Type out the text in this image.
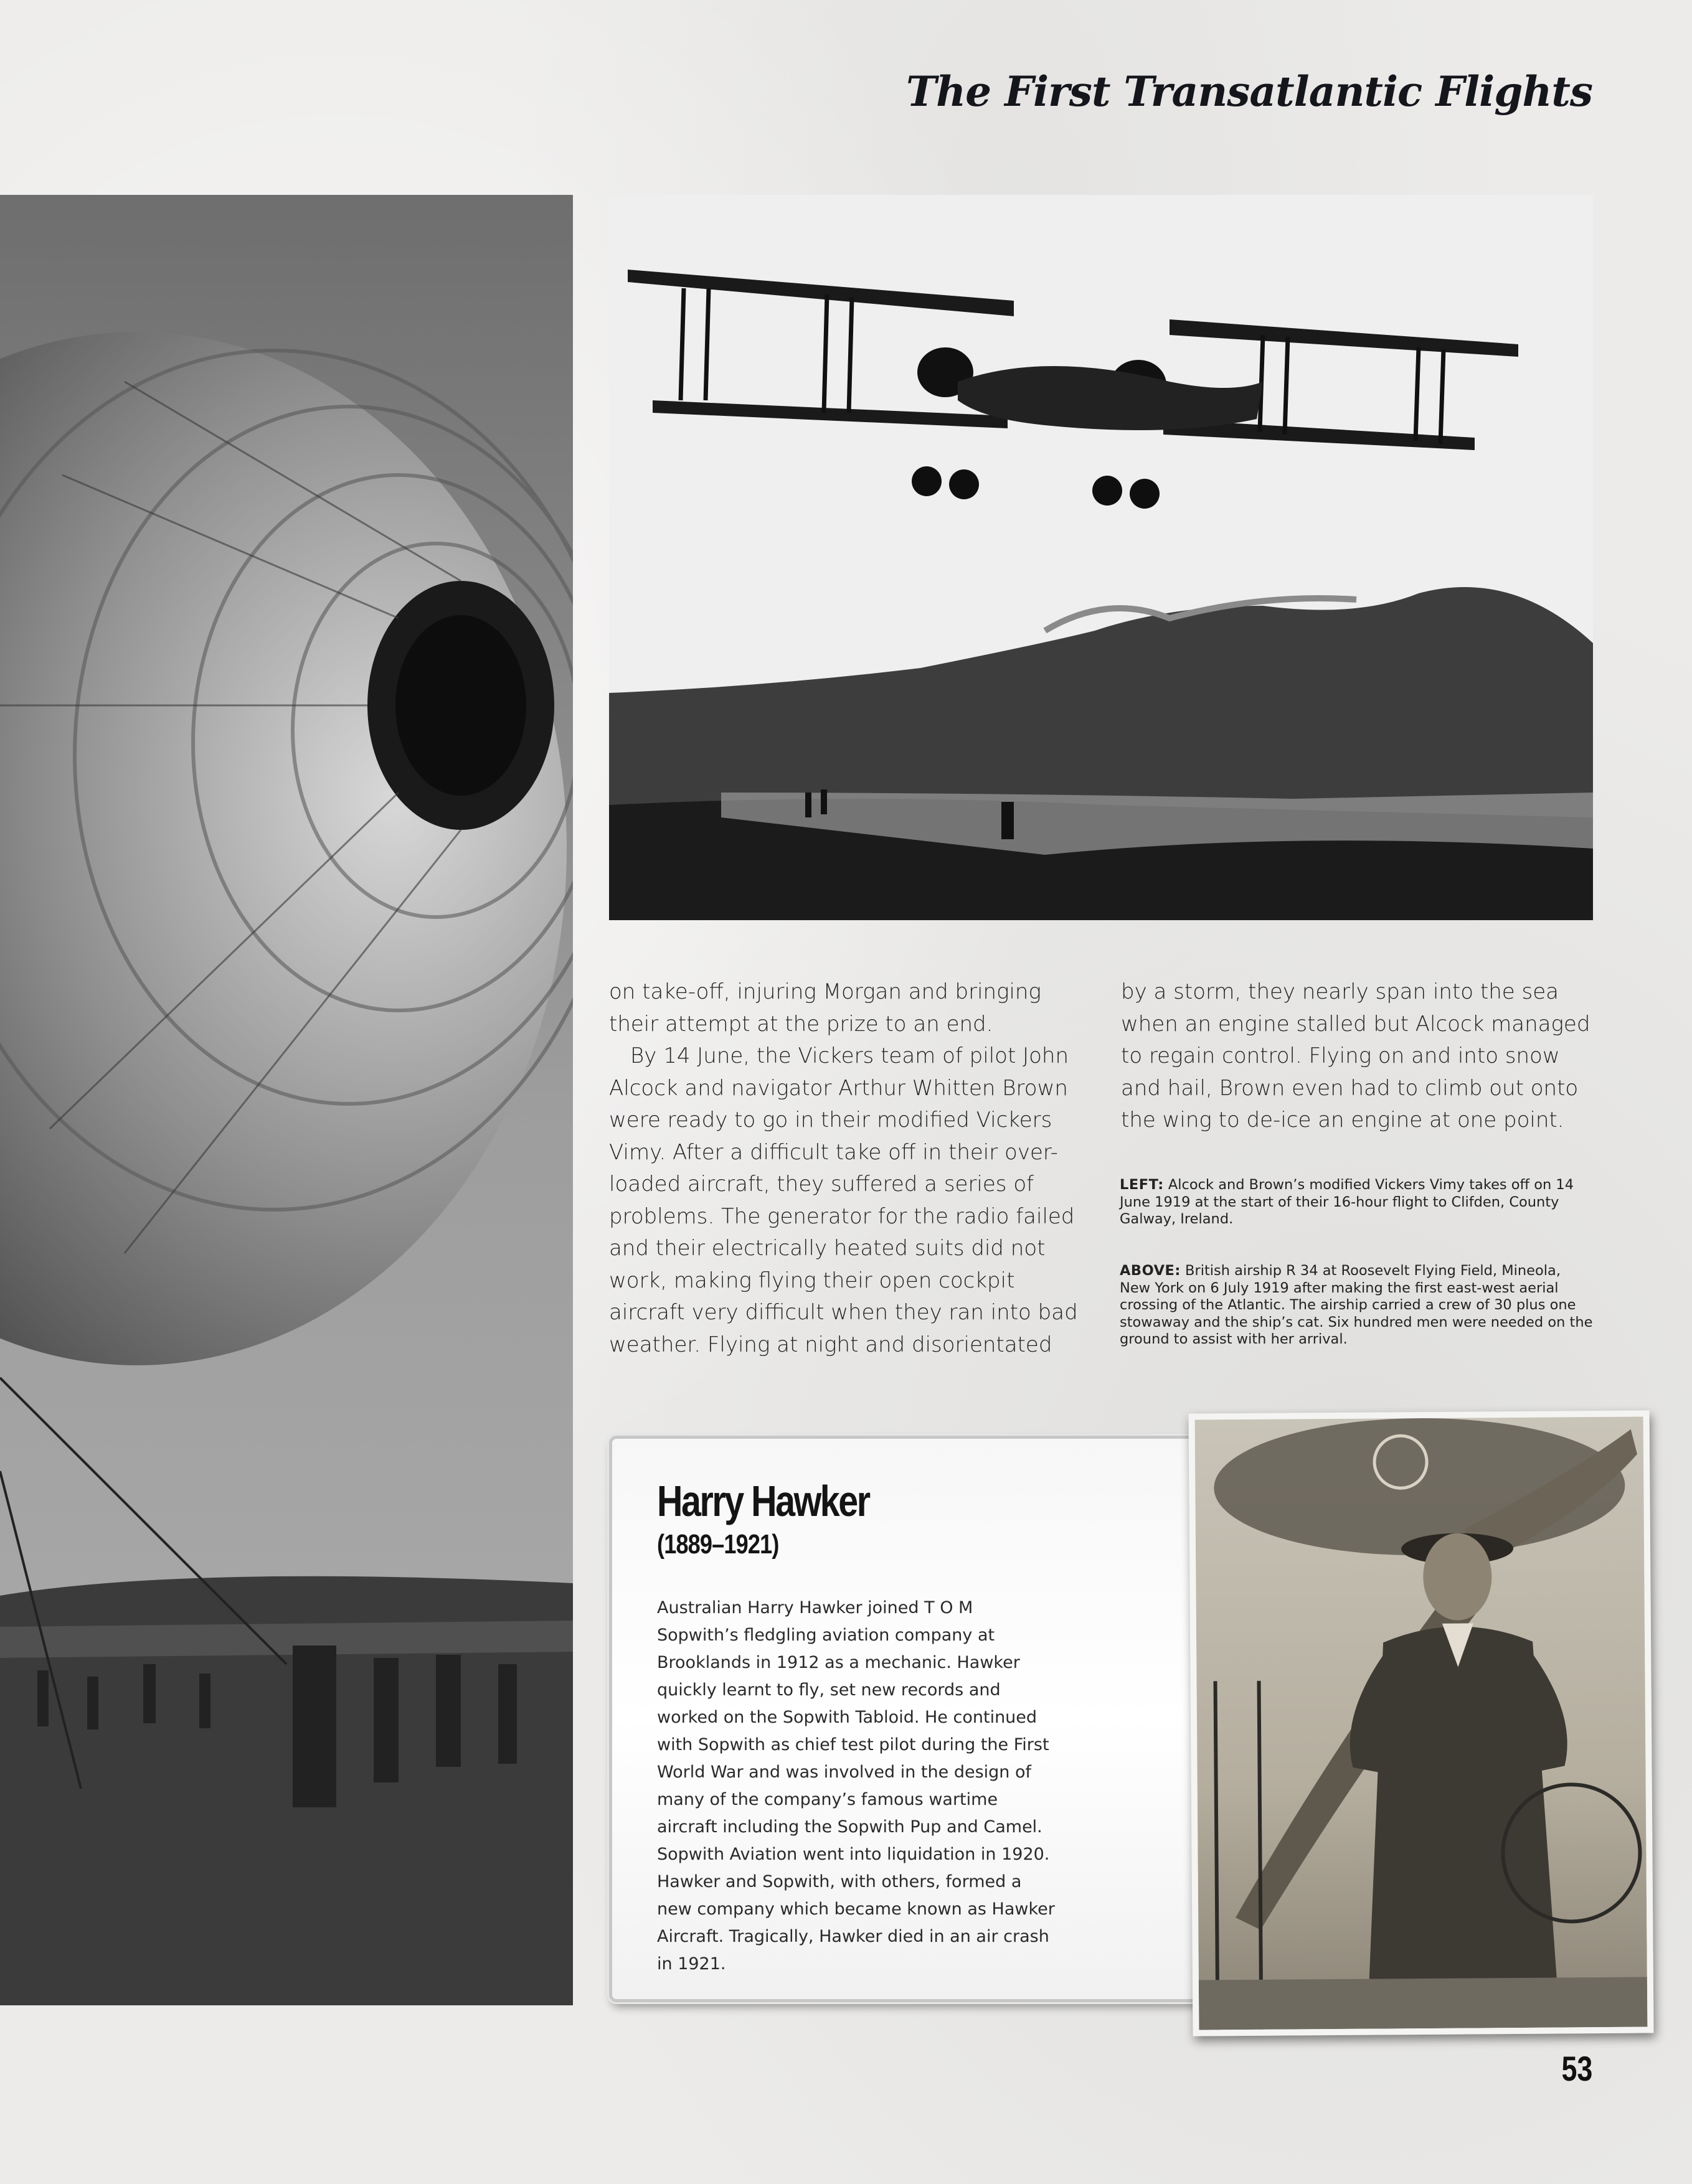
The First Transatlantic Flights

on take-off, injuring Morgan and bringing their attempt at the prize to an end.

By 14 June, the Vickers team of pilot John Alcock and navigator Arthur Whitten Brown were ready to go in their modified Vickers Vimy. After a difficult take off in their over-loaded aircraft, they suffered a series of problems. The generator for the radio failed and their electrically heated suits did not work, making flying their open cockpit aircraft very difficult when they ran into bad weather. Flying at night and disorientated

by a storm, they nearly span into the sea when an engine stalled but Alcock managed to regain control. Flying on and into snow and hail, Brown even had to climb out onto the wing to de-ice an engine at one point.

LEFT: Alcock and Brown’s modified Vickers Vimy takes off on 14 June 1919 at the start of their 16-hour flight to Clifden, County Galway, Ireland.
ABOVE: British airship R 34 at Roosevelt Flying Field, Mineola, New York on 6 July 1919 after making the first east-west aerial crossing of the Atlantic. The airship carried a crew of 30 plus one stowaway and the ship’s cat. Six hundred men were needed on the ground to assist with her arrival.
Harry Hawker
(1889–1921)
Australian Harry Hawker joined T O M Sopwith’s fledgling aviation company at Brooklands in 1912 as a mechanic. Hawker quickly learnt to fly, set new records and worked on the Sopwith Tabloid. He continued with Sopwith as chief test pilot during the First World War and was involved in the design of many of the company’s famous wartime aircraft including the Sopwith Pup and Camel. Sopwith Aviation went into liquidation in 1920. Hawker and Sopwith, with others, formed a new company which became known as Hawker Aircraft. Tragically, Hawker died in an air crash in 1921.
53
